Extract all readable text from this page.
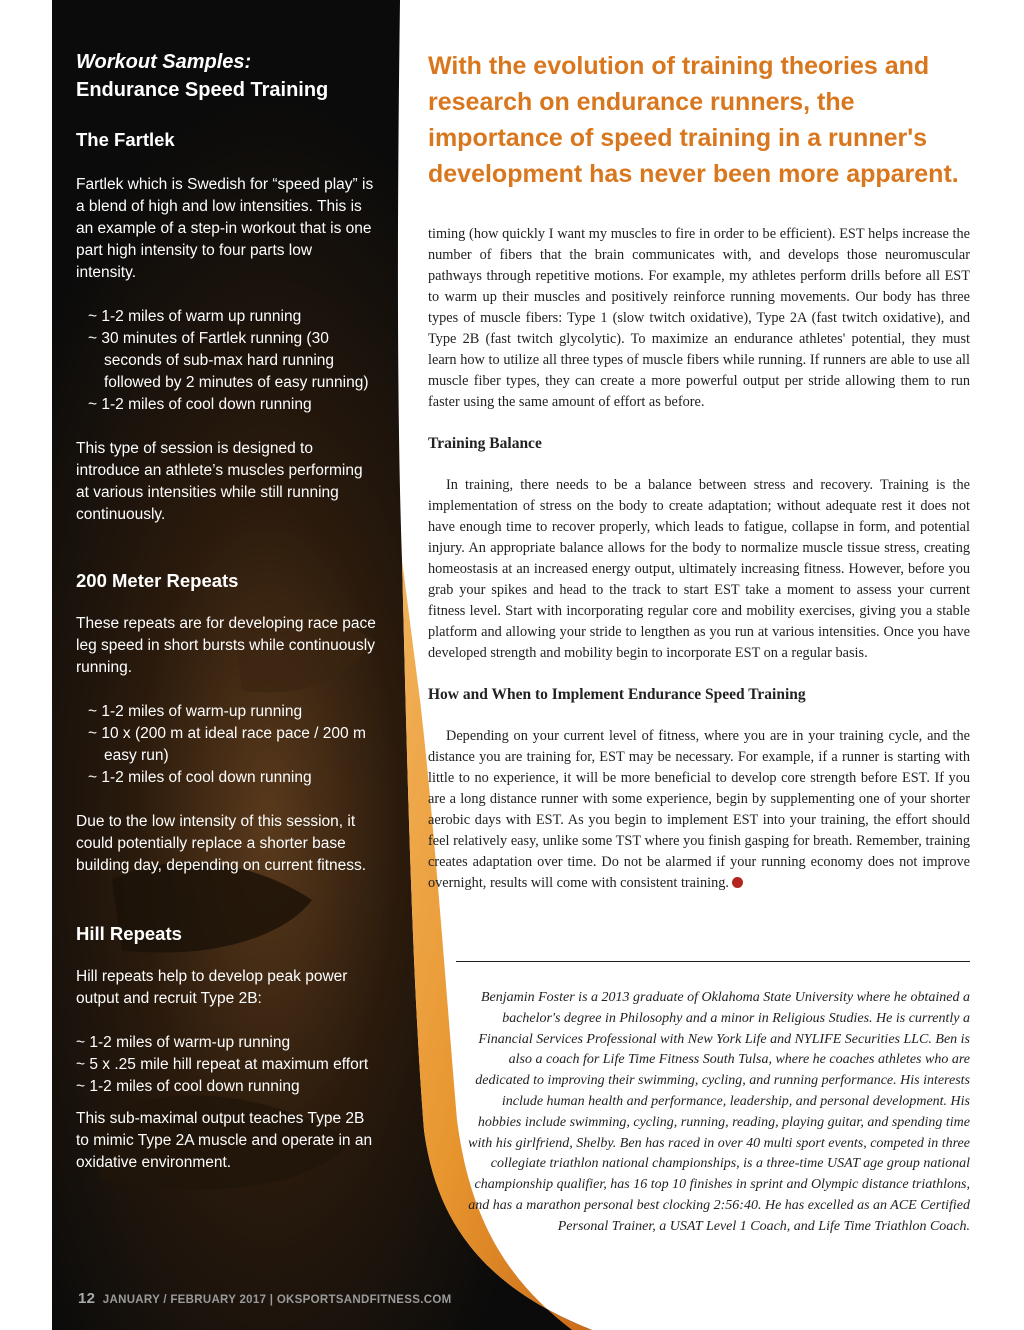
Workout Samples:

Endurance Speed Training

The Fartlek

Fartlek which is Swedish for “speed play” is a blend of high and low intensities. This is an example of a step-in workout that is one part high intensity to four parts low intensity.

~ 1-2 miles of warm up running
~ 30 minutes of Fartlek running (30 seconds of sub-max hard running followed by 2 minutes of easy running)
~ 1-2 miles of cool down running

This type of session is designed to introduce an athlete’s muscles performing at various intensities while still running continuously.

200 Meter Repeats

These repeats are for developing race pace leg speed in short bursts while continuously running.

~ 1-2 miles of warm-up running
~ 10 x (200 m at ideal race pace / 200 m easy run)
~ 1-2 miles of cool down running

Due to the low intensity of this session, it could potentially replace a shorter base building day, depending on current fitness.

Hill Repeats

Hill repeats help to develop peak power output and recruit Type 2B:

~ 1-2 miles of warm-up running
~ 5 x .25 mile hill repeat at maximum effort
~ 1-2 miles of cool down running

This sub-maximal output teaches Type 2B to mimic Type 2A muscle and operate in an oxidative environment.

With the evolution of training theories and research on endurance runners, the importance of speed training in a runner's development has never been more apparent.

timing (how quickly I want my muscles to fire in order to be efficient). EST helps increase the number of fibers that the brain communicates with, and develops those neuromuscular pathways through repetitive motions. For example, my athletes perform drills before all EST to warm up their muscles and positively reinforce running movements. Our body has three types of muscle fibers: Type 1 (slow twitch oxidative), Type 2A (fast twitch oxidative), and Type 2B (fast twitch glycolytic). To maximize an endurance athletes' potential, they must learn how to utilize all three types of muscle fibers while running. If runners are able to use all muscle fiber types, they can create a more powerful output per stride allowing them to run faster using the same amount of effort as before.

Training Balance

In training, there needs to be a balance between stress and recovery. Training is the implementation of stress on the body to create adaptation; without adequate rest it does not have enough time to recover properly, which leads to fatigue, collapse in form, and potential injury. An appropriate balance allows for the body to normalize muscle tissue stress, creating homeostasis at an increased energy output, ultimately increasing fitness. However, before you grab your spikes and head to the track to start EST take a moment to assess your current fitness level. Start with incorporating regular core and mobility exercises, giving you a stable platform and allowing your stride to lengthen as you run at various intensities. Once you have developed strength and mobility begin to incorporate EST on a regular basis.

How and When to Implement Endurance Speed Training

Depending on your current level of fitness, where you are in your training cycle, and the distance you are training for, EST may be necessary. For example, if a runner is starting with little to no experience, it will be more beneficial to develop core strength before EST. If you are a long distance runner with some experience, begin by supplementing one of your shorter aerobic days with EST. As you begin to implement EST into your training, the effort should feel relatively easy, unlike some TST where you finish gasping for breath. Remember, training creates adaptation over time. Do not be alarmed if your running economy does not improve overnight, results will come with consistent training.

Benjamin Foster is a 2013 graduate of Oklahoma State University where he obtained a bachelor's degree in Philosophy and a minor in Religious Studies. He is currently a Financial Services Professional with New York Life and NYLIFE Securities LLC. Ben is also a coach for Life Time Fitness South Tulsa, where he coaches athletes who are dedicated to improving their swimming, cycling, and running performance. His interests include human health and performance, leadership, and personal development. His hobbies include swimming, cycling, running, reading, playing guitar, and spending time with his girlfriend, Shelby. Ben has raced in over 40 multi sport events, competed in three collegiate triathlon national championships, is a three-time USAT age group national championship qualifier, has 16 top 10 finishes in sprint and Olympic distance triathlons, and has a marathon personal best clocking 2:56:40. He has excelled as an ACE Certified Personal Trainer, a USAT Level 1 Coach, and Life Time Triathlon Coach.

12 JANUARY / FEBRUARY 2017 | OKSPORTSANDFITNESS.COM
